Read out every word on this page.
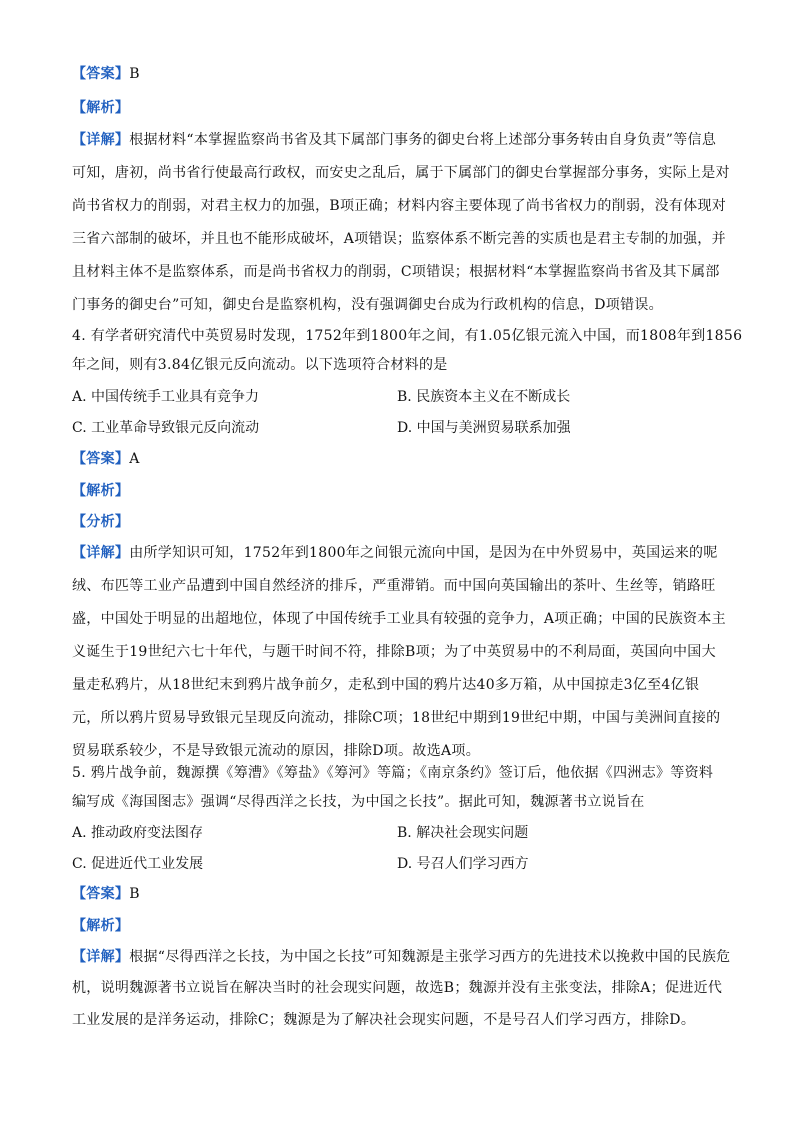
【答案】B
【解析】
【详解】根据材料“本掌握监察尚书省及其下属部门事务的御史台将上述部分事务转由自身负责”等信息
可知，唐初，尚书省行使最高行政权，而安史之乱后，属于下属部门的御史台掌握部分事务，实际上是对
尚书省权力的削弱，对君主权力的加强，B项正确；材料内容主要体现了尚书省权力的削弱，没有体现对
三省六部制的破坏，并且也不能形成破坏，A项错误；监察体系不断完善的实质也是君主专制的加强，并
且材料主体不是监察体系，而是尚书省权力的削弱，C项错误；根据材料“本掌握监察尚书省及其下属部
门事务的御史台”可知，御史台是监察机构，没有强调御史台成为行政机构的信息，D项错误。
4. 有学者研究清代中英贸易时发现，1752年到1800年之间，有1.05亿银元流入中国，而1808年到1856
年之间，则有3.84亿银元反向流动。以下选项符合材料的是
A. 中国传统手工业具有竞争力	B. 民族资本主义在不断成长
C. 工业革命导致银元反向流动	D. 中国与美洲贸易联系加强
【答案】A
【解析】
【分析】
【详解】由所学知识可知，1752年到1800年之间银元流向中国，是因为在中外贸易中，英国运来的呢
绒、布匹等工业产品遭到中国自然经济的排斥，严重滞销。而中国向英国输出的茶叶、生丝等，销路旺
盛，中国处于明显的出超地位，体现了中国传统手工业具有较强的竞争力，A项正确；中国的民族资本主
义诞生于19世纪六七十年代，与题干时间不符，排除B项；为了中英贸易中的不利局面，英国向中国大
量走私鸦片，从18世纪末到鸦片战争前夕，走私到中国的鸦片达40多万箱，从中国掠走3亿至4亿银
元，所以鸦片贸易导致银元呈现反向流动，排除C项；18世纪中期到19世纪中期，中国与美洲间直接的
贸易联系较少，不是导致银元流动的原因，排除D项。故选A项。
5. 鸦片战争前，魏源撰《筹漕》《筹盐》《筹河》等篇；《南京条约》签订后，他依据《四洲志》等资料
编写成《海国图志》强调“尽得西洋之长技，为中国之长技”。据此可知，魏源著书立说旨在
A. 推动政府变法图存	B. 解决社会现实问题
C. 促进近代工业发展	D. 号召人们学习西方
【答案】B
【解析】
【详解】根据“尽得西洋之长技，为中国之长技”可知魏源是主张学习西方的先进技术以挽救中国的民族危
机，说明魏源著书立说旨在解决当时的社会现实问题，故选B；魏源并没有主张变法，排除A；促进近代
工业发展的是洋务运动，排除C；魏源是为了解决社会现实问题，不是号召人们学习西方，排除D。
